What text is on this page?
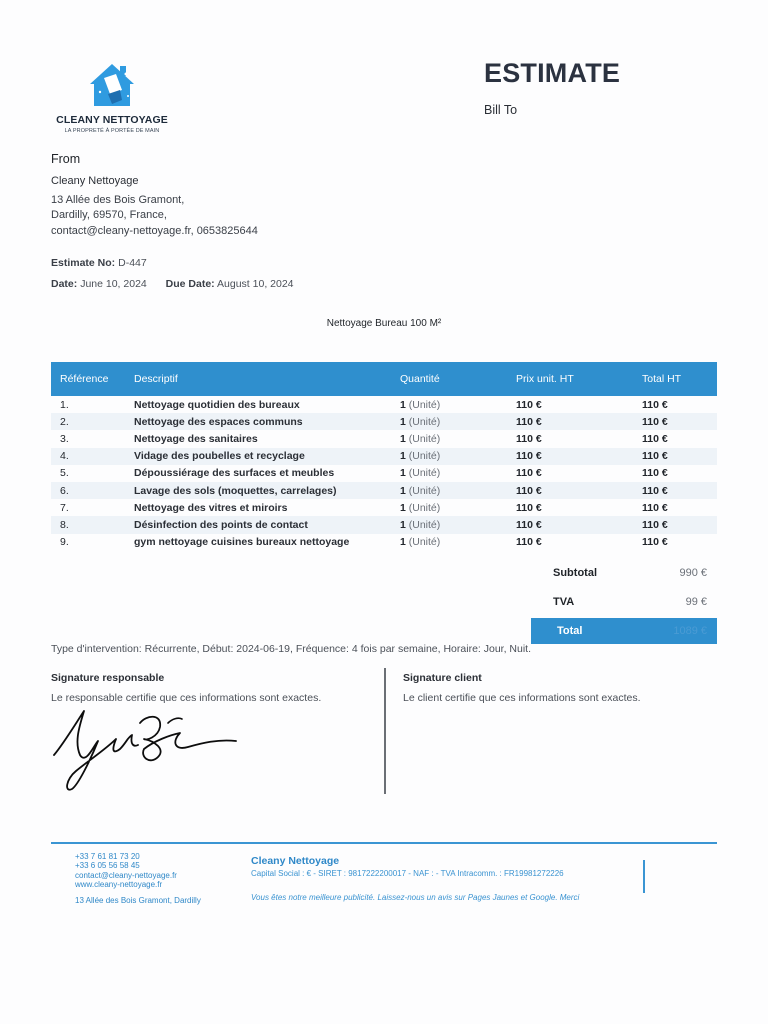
CLEANY NETTOYAGE
LA PROPRETÉ À PORTÉE DE MAIN
ESTIMATE
Bill To
From
Cleany Nettoyage
13 Allée des Bois Gramont,
Dardilly, 69570, France,
contact@cleany-nettoyage.fr, 0653825644
Estimate No: D-447
Date: June 10, 2024 Due Date: August 10, 2024
Nettoyage Bureau 100 M²
Référence	Descriptif	Quantité	Prix unit. HT	Total HT
1.	Nettoyage quotidien des bureaux	1 (Unité)	110 €	110 €
2.	Nettoyage des espaces communs	1 (Unité)	110 €	110 €
3.	Nettoyage des sanitaires	1 (Unité)	110 €	110 €
4.	Vidage des poubelles et recyclage	1 (Unité)	110 €	110 €
5.	Dépoussiérage des surfaces et meubles	1 (Unité)	110 €	110 €
6.	Lavage des sols (moquettes, carrelages)	1 (Unité)	110 €	110 €
7.	Nettoyage des vitres et miroirs	1 (Unité)	110 €	110 €
8.	Désinfection des points de contact	1 (Unité)	110 €	110 €
9.	gym nettoyage cuisines bureaux nettoyage	1 (Unité)	110 €	110 €
Subtotal	990 €
TVA	99 €
Total	1089 €
Type d'intervention: Récurrente, Début: 2024-06-19, Fréquence: 4 fois par semaine, Horaire: Jour, Nuit.
Signature responsable
Le responsable certifie que ces informations sont exactes.
Signature client
Le client certifie que ces informations sont exactes.
+33 7 61 81 73 20
+33 6 05 56 58 45
contact@cleany-nettoyage.fr
www.cleany-nettoyage.fr
13 Allée des Bois Gramont, Dardilly
Cleany Nettoyage
Capital Social : € - SIRET : 9817222200017 - NAF : - TVA Intracomm. : FR19981272226
Vous êtes notre meilleure publicité. Laissez-nous un avis sur Pages Jaunes et Google. Merci
